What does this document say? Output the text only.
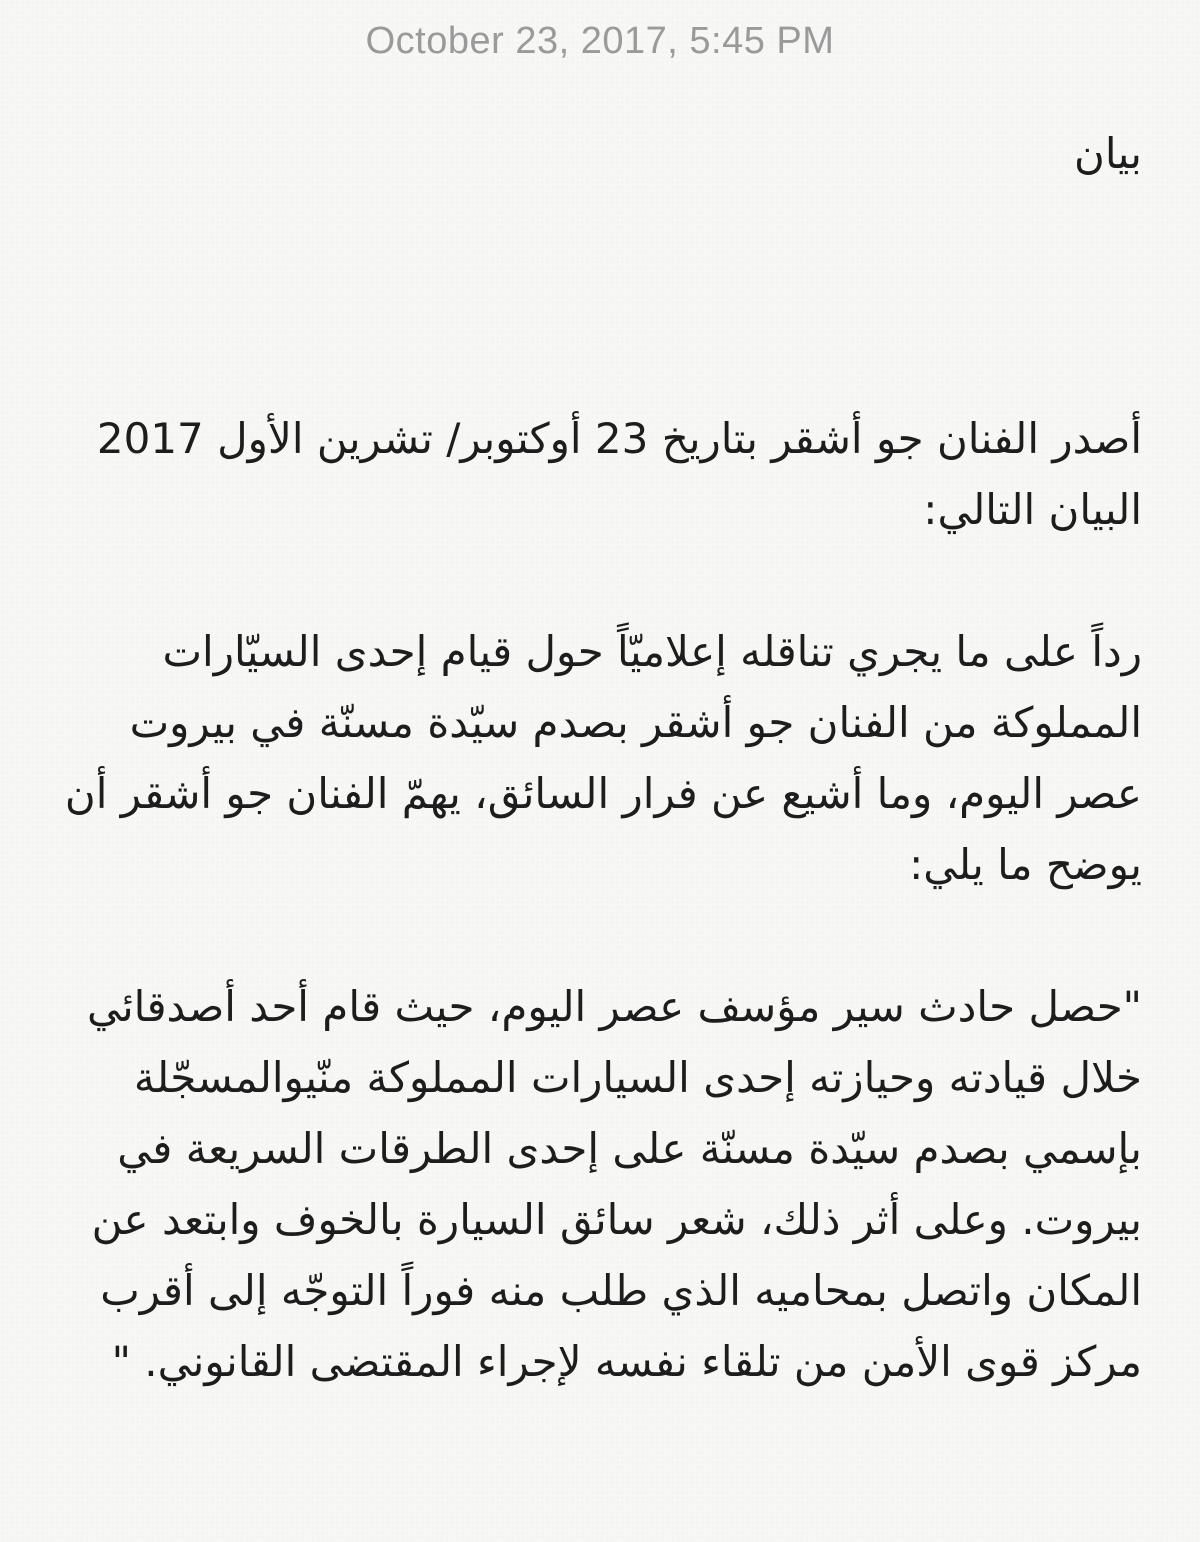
October 23, 2017, 5:45 PM

بيان

أصدر الفنان جو أشقر بتاريخ 23 أوكتوبر/ تشرين الأول 2017 البيان التالي:

رداً على ما يجري تناقله إعلاميّاً حول قيام إحدى السيّارات المملوكة من الفنان جو أشقر بصدم سيّدة مسنّة في بيروت عصر اليوم، وما أشيع عن فرار السائق، يهمّ الفنان جو أشقر أن يوضح ما يلي:

"حصل حادث سير مؤسف عصر اليوم، حيث قام أحد أصدقائي خلال قيادته وحيازته إحدى السيارات المملوكة منّيوالمسجّلة بإسمي بصدم سيّدة مسنّة على إحدى الطرقات السريعة في بيروت. وعلى أثر ذلك، شعر سائق السيارة بالخوف وابتعد عن المكان واتصل بمحاميه الذي طلب منه فوراً التوجّه إلى أقرب مركز قوى الأمن من تلقاء نفسه لإجراء المقتضى القانوني. "
